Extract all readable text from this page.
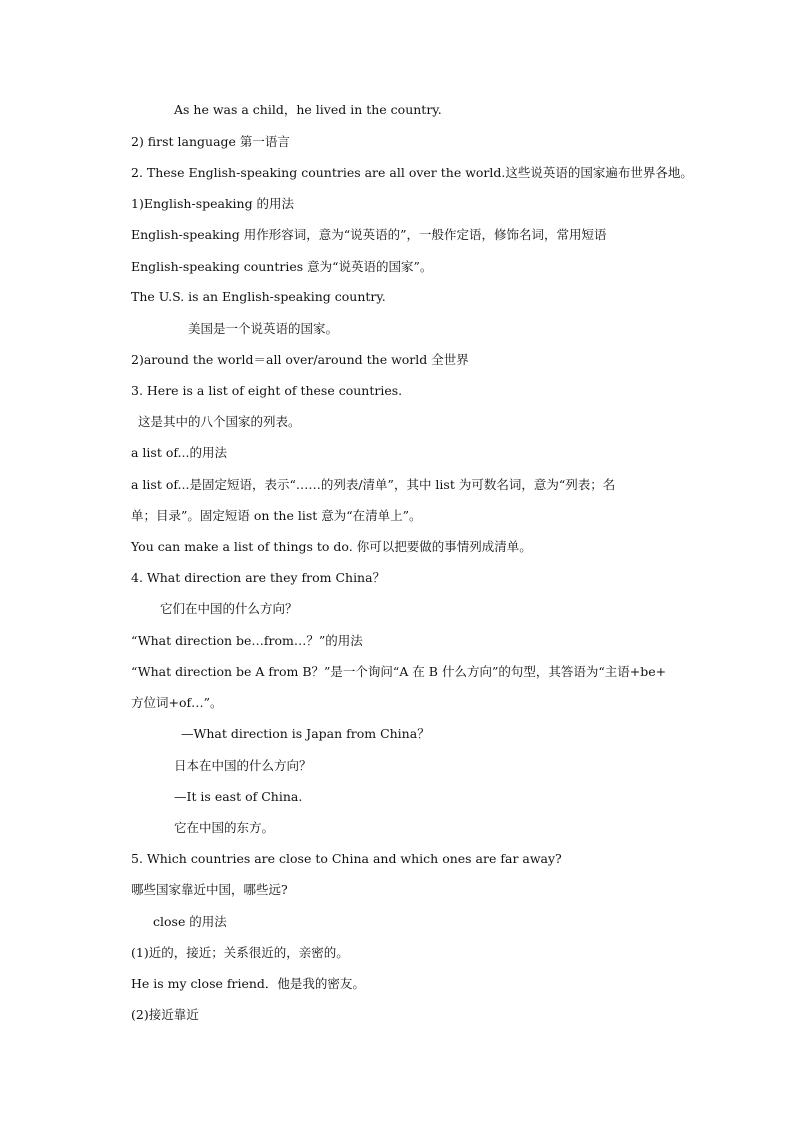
As he was a child，he lived in the country.
2) first language 第一语言
2. These English-speaking countries are all over the world.这些说英语的国家遍布世界各地。
1)English-speaking 的用法
English-speaking 用作形容词，意为“说英语的”，一般作定语，修饰名词，常用短语
English-speaking countries 意为“说英语的国家”。
The U.S. is an English-speaking country.
美国是一个说英语的国家。
2)around the world＝all over/around the world 全世界
3. Here is a list of eight of these countries.
这是其中的八个国家的列表。
a list of...的用法
a list of...是固定短语，表示“……的列表/清单”，其中 list 为可数名词，意为“列表；名
单；目录”。固定短语 on the list 意为“在清单上”。
You can make a list of things to do. 你可以把要做的事情列成清单。
4. What direction are they from China？
它们在中国的什么方向？
“What direction be…from…？”的用法
“What direction be A from B？”是一个询问“A 在 B 什么方向”的句型，其答语为“主语+be+
方位词+of…”。
—What direction is Japan from China？
日本在中国的什么方向？
—It is east of China.
它在中国的东方。
5. Which countries are close to China and which ones are far away?
哪些国家靠近中国，哪些远?
close 的用法
(1)近的，接近；关系很近的，亲密的。
He is my close friend．他是我的密友。
(2)接近靠近
